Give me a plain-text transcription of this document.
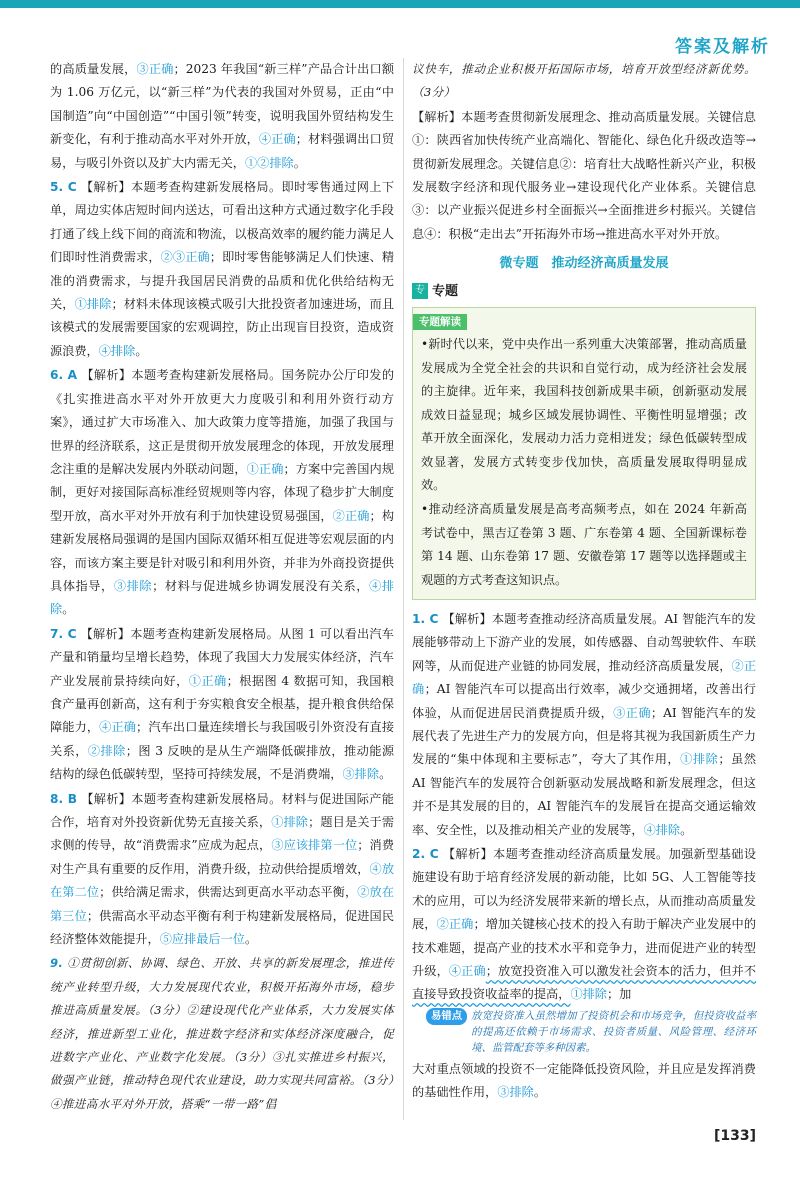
答案及解析
的高质量发展，③正确；2023 年我国“新三样”产品合计出口额为 1.06 万亿元，以“新三样”为代表的我国对外贸易，正由“中国制造”向“中国创造”“中国引领”转变，说明我国外贸结构发生新变化，有利于推动高水平对外开放，④正确；材料强调出口贸易，与吸引外资以及扩大内需无关，①②排除。
5. C 【解析】本题考查构建新发展格局。即时零售通过网上下单，周边实体店短时间内送达，可看出这种方式通过数字化手段打通了线上线下间的商流和物流，以极高效率的履约能力满足人们即时性消费需求，②③正确；即时零售能够满足人们快速、精准的消费需求，与提升我国居民消费的品质和优化供给结构无关，①排除；材料未体现该模式吸引大批投资者加速进场，而且该模式的发展需要国家的宏观调控，防止出现盲目投资，造成资源浪费，④排除。
6. A 【解析】本题考查构建新发展格局。国务院办公厅印发的《扎实推进高水平对外开放更大力度吸引和利用外资行动方案》，通过扩大市场准入、加大政策力度等措施，加强了我国与世界的经济联系，这正是贯彻开放发展理念的体现，开放发展理念注重的是解决发展内外联动问题，①正确；方案中完善国内规制，更好对接国际高标准经贸规则等内容，体现了稳步扩大制度型开放，高水平对外开放有利于加快建设贸易强国，②正确；构建新发展格局强调的是国内国际双循环相互促进等宏观层面的内容，而该方案主要是针对吸引和利用外资，并非为外商投资提供具体指导，③排除；材料与促进城乡协调发展没有关系，④排除。
7. C 【解析】本题考查构建新发展格局。从图 1 可以看出汽车产量和销量均呈增长趋势，体现了我国大力发展实体经济，汽车产业发展前景持续向好，①正确；根据图 4 数据可知，我国粮食产量再创新高，这有利于夯实粮食安全根基，提升粮食供给保障能力，④正确；汽车出口量连续增长与我国吸引外资没有直接关系，②排除；图 3 反映的是从生产端降低碳排放，推动能源结构的绿色低碳转型，坚持可持续发展，不是消费端，③排除。
8. B 【解析】本题考查构建新发展格局。材料与促进国际产能合作，培育对外投资新优势无直接关系，①排除；题目是关于需求侧的传导，故“消费需求”应成为起点，③应该排第一位；消费对生产具有重要的反作用，消费升级，拉动供给提质增效，④放在第二位；供给满足需求，供需达到更高水平动态平衡，②放在第三位；供需高水平动态平衡有利于构建新发展格局，促进国民经济整体效能提升，⑤应排最后一位。
9. ①贯彻创新、协调、绿色、开放、共享的新发展理念，推进传统产业转型升级，大力发展现代农业，积极开拓海外市场，稳步推进高质量发展。（3分）②建设现代化产业体系，大力发展实体经济，推进新型工业化，推进数字经济和实体经济深度融合，促进数字产业化、产业数字化发展。（3分）③扎实推进乡村振兴，做强产业链，推动特色现代农业建设，助力实现共同富裕。（3分）④推进高水平对外开放，搭乘“一带一路”倡
议快车，推动企业积极开拓国际市场，培育开放型经济新优势。（3分）
【解析】本题考查贯彻新发展理念、推动高质量发展。关键信息①：陕西省加快传统产业高端化、智能化、绿色化升级改造等→贯彻新发展理念。关键信息②：培育壮大战略性新兴产业，积极发展数字经济和现代服务业→建设现代化产业体系。关键信息③：以产业振兴促进乡村全面振兴→全面推进乡村振兴。关键信息④：积极“走出去”开拓海外市场→推进高水平对外开放。
微专题　推动经济高质量发展
专 专题
专题解读
•新时代以来，党中央作出一系列重大决策部署，推动高质量发展成为全党全社会的共识和自觉行动，成为经济社会发展的主旋律。近年来，我国科技创新成果丰硕，创新驱动发展成效日益显现；城乡区域发展协调性、平衡性明显增强；改革开放全面深化，发展动力活力竞相迸发；绿色低碳转型成效显著，发展方式转变步伐加快，高质量发展取得明显成效。
•推动经济高质量发展是高考高频考点，如在 2024 年新高考试卷中，黑吉辽卷第 3 题、广东卷第 4 题、全国新课标卷第 14 题、山东卷第 17 题、安徽卷第 17 题等以选择题或主观题的方式考查这知识点。
1. C 【解析】本题考查推动经济高质量发展。AI 智能汽车的发展能够带动上下游产业的发展，如传感器、自动驾驶软件、车联网等，从而促进产业链的协同发展，推动经济高质量发展，②正确；AI 智能汽车可以提高出行效率，减少交通拥堵，改善出行体验，从而促进居民消费提质升级，③正确；AI 智能汽车的发展代表了先进生产力的发展方向，但是将其视为我国新质生产力发展的“集中体现和主要标志”，夸大了其作用，①排除；虽然 AI 智能汽车的发展符合创新驱动发展战略和新发展理念，但这并不是其发展的目的，AI 智能汽车的发展旨在提高交通运输效率、安全性，以及推动相关产业的发展等，④排除。
2. C 【解析】本题考查推动经济高质量发展。加强新型基础设施建设有助于培育经济发展的新动能，比如 5G、人工智能等技术的应用，可以为经济发展带来新的增长点，从而推动高质量发展，②正确；增加关键核心技术的投入有助于解决产业发展中的技术难题，提高产业的技术水平和竞争力，进而促进产业的转型升级，④正确；放宽投资准入可以激发社会资本的活力，但并不直接导致投资收益率的提高，①排除；加
易错点 放宽投资准入虽然增加了投资机会和市场竞争，但投资收益率的提高还依赖于市场需求、投资者质量、风险管理、经济环境、监管配套等多种因素。
大对重点领域的投资不一定能降低投资风险，并且应是发挥消费的基础性作用，③排除。
[133]
